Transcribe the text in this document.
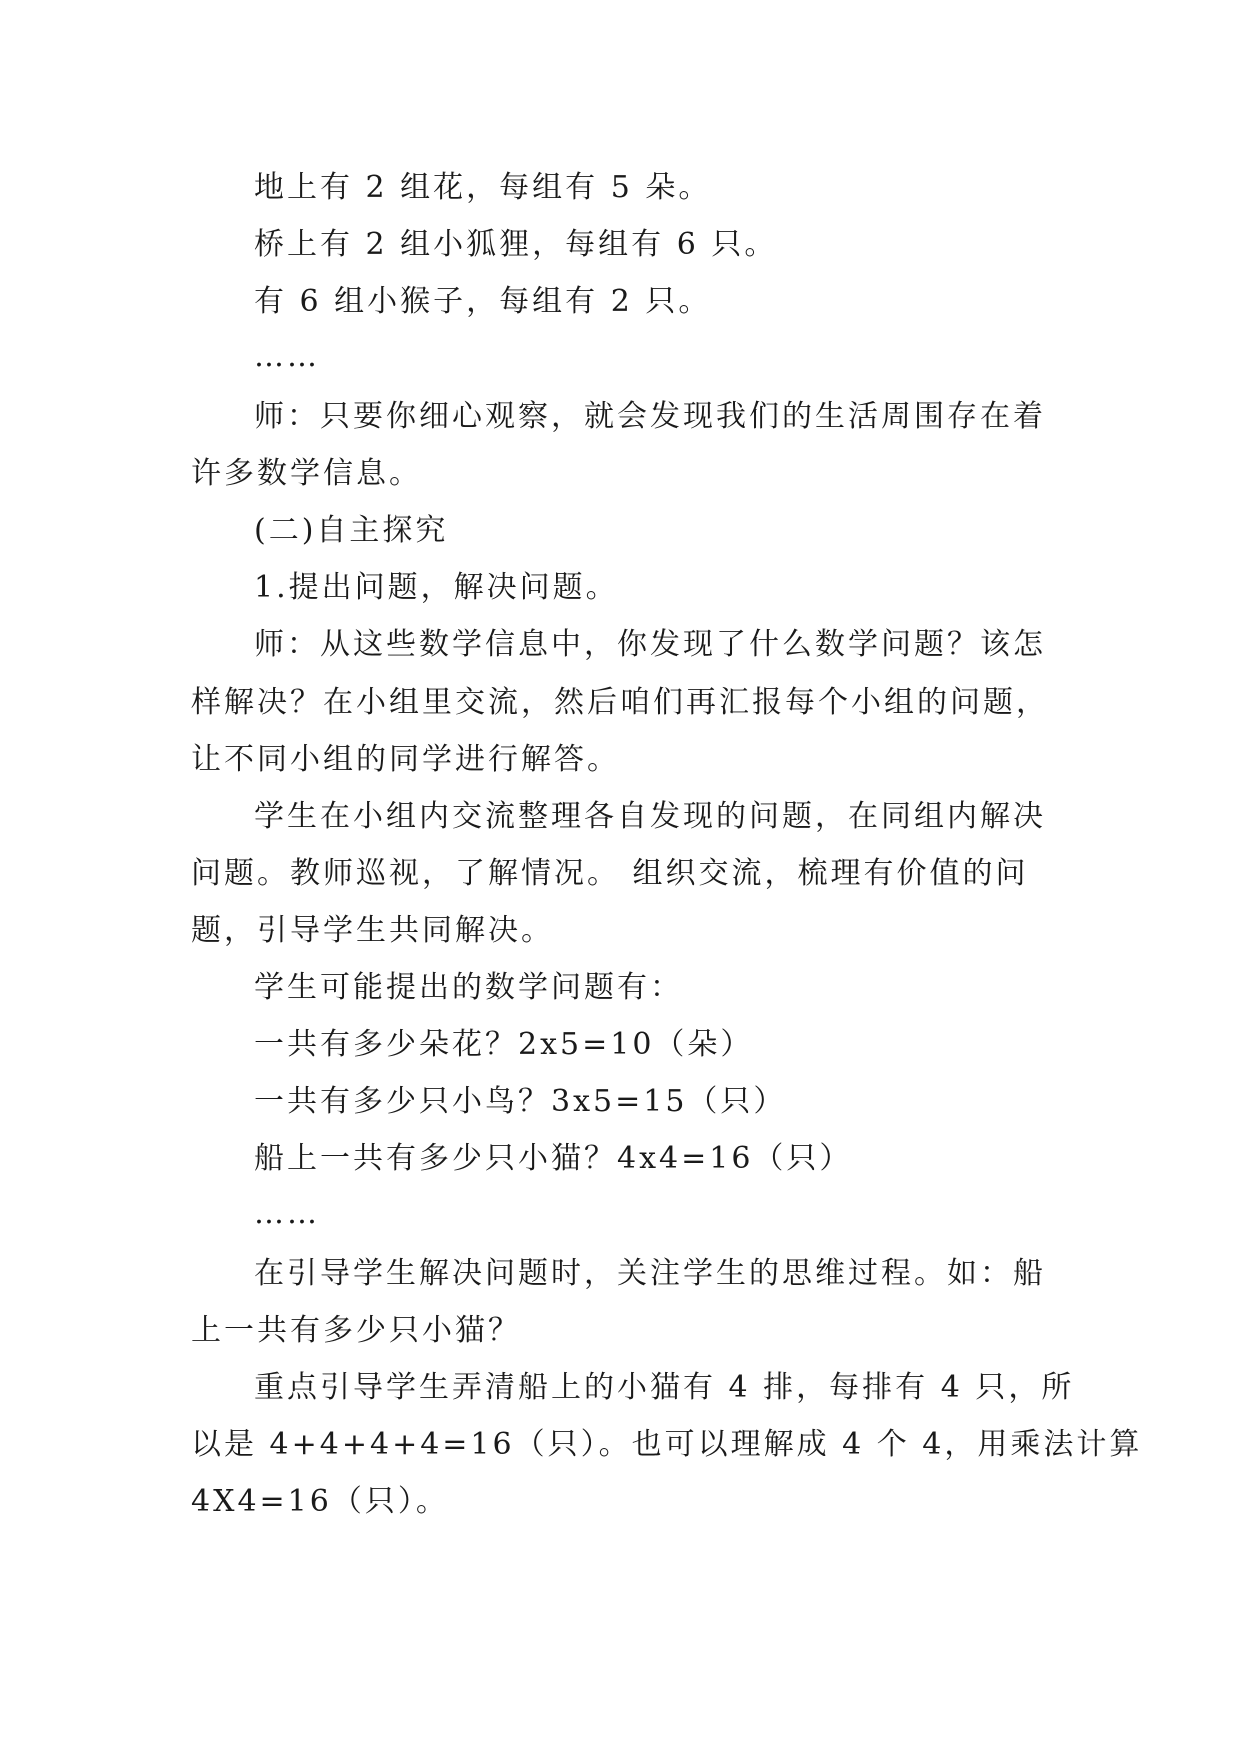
地上有 2 组花，每组有 5 朵。
桥上有 2 组小狐狸，每组有 6 只。
有 6 组小猴子，每组有 2 只。
……
师：只要你细心观察，就会发现我们的生活周围存在着
许多数学信息。
(二)自主探究
1.提出问题，解决问题。
师：从这些数学信息中，你发现了什么数学问题？该怎
样解决？在小组里交流，然后咱们再汇报每个小组的问题，
让不同小组的同学进行解答。
学生在小组内交流整理各自发现的问题，在同组内解决
问题。教师巡视，了解情况。 组织交流，梳理有价值的问
题，引导学生共同解决。
学生可能提出的数学问题有：
一共有多少朵花？2x5=10（朵）
一共有多少只小鸟？3x5=15（只）
船上一共有多少只小猫？4x4=16（只）
……
在引导学生解决问题时，关注学生的思维过程。如：船
上一共有多少只小猫？
重点引导学生弄清船上的小猫有 4 排，每排有 4 只，所
以是 4+4+4+4=16（只）。也可以理解成 4 个 4，用乘法计算
4X4=16（只）。
